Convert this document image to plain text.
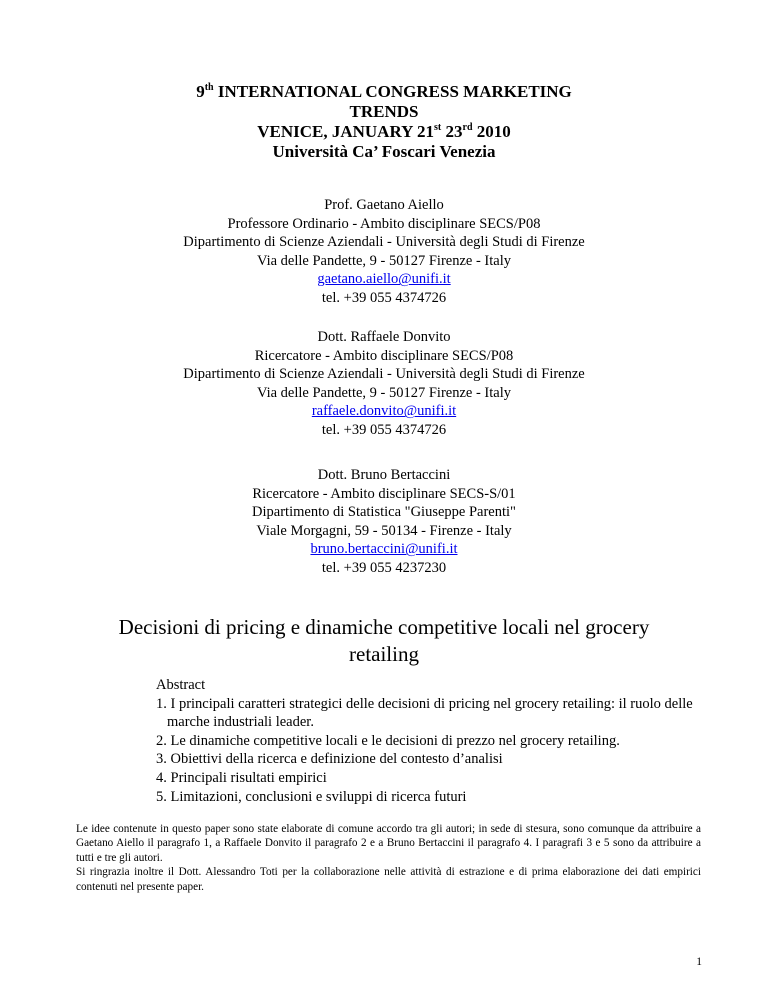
9th INTERNATIONAL CONGRESS MARKETING
TRENDS
VENICE, JANUARY 21st 23rd 2010
Università Ca’ Foscari Venezia
Prof. Gaetano Aiello
Professore Ordinario - Ambito disciplinare SECS/P08
Dipartimento di Scienze Aziendali - Università degli Studi di Firenze
Via delle Pandette, 9 - 50127 Firenze - Italy
gaetano.aiello@unifi.it
tel. +39 055 4374726
Dott. Raffaele Donvito
Ricercatore - Ambito disciplinare SECS/P08
Dipartimento di Scienze Aziendali - Università degli Studi di Firenze
Via delle Pandette, 9 - 50127 Firenze - Italy
raffaele.donvito@unifi.it
tel. +39 055 4374726
Dott. Bruno Bertaccini
Ricercatore - Ambito disciplinare SECS-S/01
Dipartimento di Statistica "Giuseppe Parenti"
Viale Morgagni, 59 - 50134 - Firenze - Italy
bruno.bertaccini@unifi.it
tel. +39 055 4237230
Decisioni di pricing e dinamiche competitive locali nel grocery
retailing
Abstract
1. I principali caratteri strategici delle decisioni di pricing nel grocery retailing: il ruolo delle marche industriali leader.
2. Le dinamiche competitive locali e le decisioni di prezzo nel grocery retailing.
3. Obiettivi della ricerca e definizione del contesto d’analisi
4. Principali risultati empirici
5. Limitazioni, conclusioni e sviluppi di ricerca futuri
Le idee contenute in questo paper sono state elaborate di comune accordo tra gli autori; in sede di stesura, sono comunque da attribuire a Gaetano Aiello il paragrafo 1, a Raffaele Donvito il paragrafo 2 e a Bruno Bertaccini il paragrafo 4. I paragrafi 3 e 5 sono da attribuire a tutti e tre gli autori.
Si ringrazia inoltre il Dott. Alessandro Toti per la collaborazione nelle attività di estrazione e di prima elaborazione dei dati empirici contenuti nel presente paper.
1
